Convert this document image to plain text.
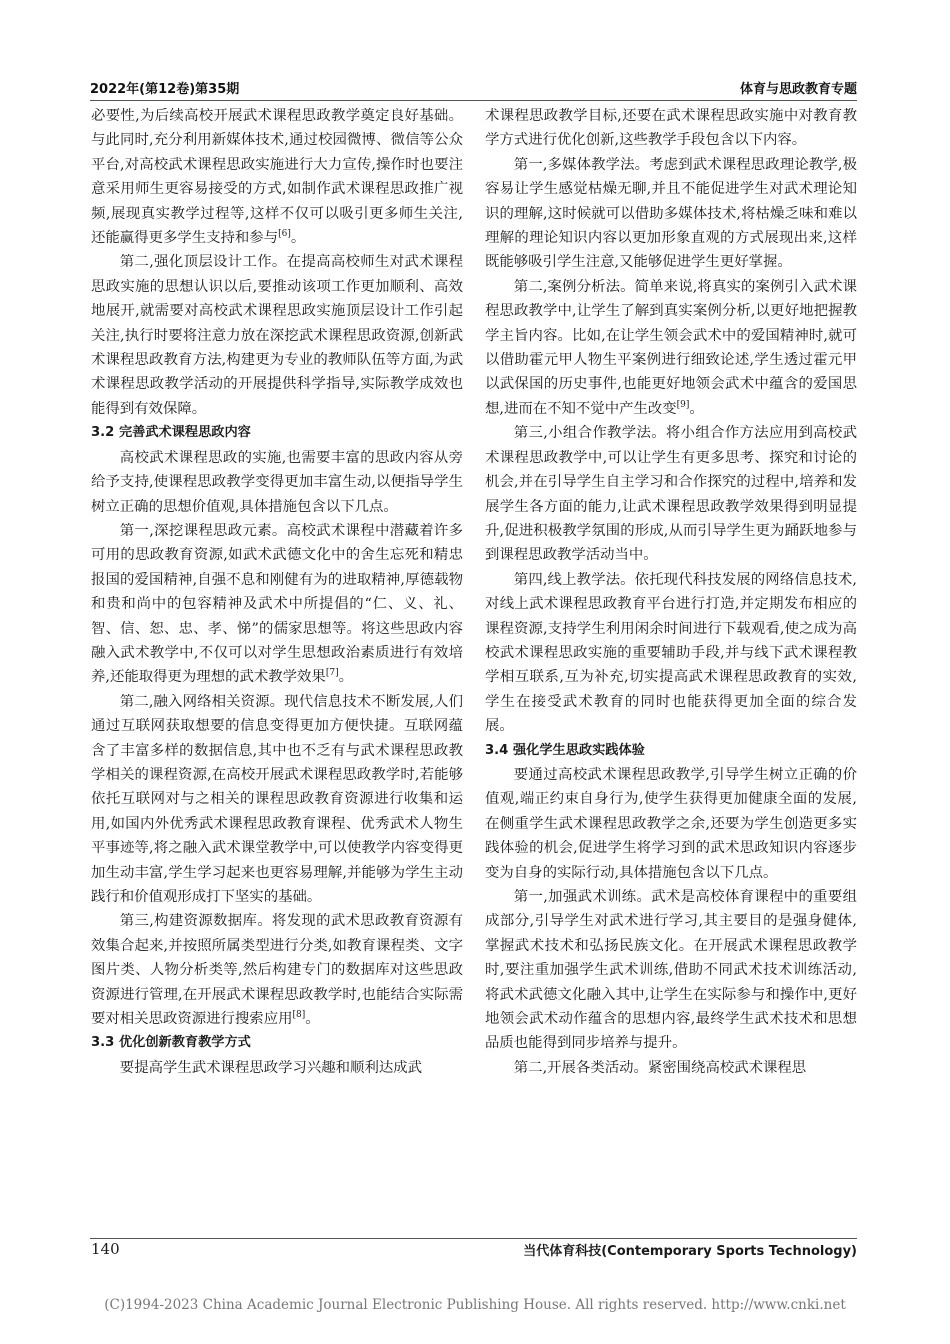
2022年(第12卷)第35期	体育与思政教育专题

必要性,为后续高校开展武术课程思政教学奠定良好基础。与此同时,充分利用新媒体技术,通过校园微博、微信等公众平台,对高校武术课程思政实施进行大力宣传,操作时也要注意采用师生更容易接受的方式,如制作武术课程思政推广视频,展现真实教学过程等,这样不仅可以吸引更多师生关注,还能赢得更多学生支持和参与[6]。

第二,强化顶层设计工作。在提高高校师生对武术课程思政实施的思想认识以后,要推动该项工作更加顺利、高效地展开,就需要对高校武术课程思政实施顶层设计工作引起关注,执行时要将注意力放在深挖武术课程思政资源,创新武术课程思政教育方法,构建更为专业的教师队伍等方面,为武术课程思政教学活动的开展提供科学指导,实际教学成效也能得到有效保障。

3.2 完善武术课程思政内容

高校武术课程思政的实施,也需要丰富的思政内容从旁给予支持,使课程思政教学变得更加丰富生动,以便指导学生树立正确的思想价值观,具体措施包含以下几点。

第一,深挖课程思政元素。高校武术课程中潜藏着许多可用的思政教育资源,如武术武德文化中的舍生忘死和精忠报国的爱国精神,自强不息和刚健有为的进取精神,厚德载物和贵和尚中的包容精神及武术中所提倡的“仁、义、礼、智、信、恕、忠、孝、悌”的儒家思想等。将这些思政内容融入武术教学中,不仅可以对学生思想政治素质进行有效培养,还能取得更为理想的武术教学效果[7]。

第二,融入网络相关资源。现代信息技术不断发展,人们通过互联网获取想要的信息变得更加方便快捷。互联网蕴含了丰富多样的数据信息,其中也不乏有与武术课程思政教学相关的课程资源,在高校开展武术课程思政教学时,若能够依托互联网对与之相关的课程思政教育资源进行收集和运用,如国内外优秀武术课程思政教育课程、优秀武术人物生平事迹等,将之融入武术课堂教学中,可以使教学内容变得更加生动丰富,学生学习起来也更容易理解,并能够为学生主动践行和价值观形成打下坚实的基础。

第三,构建资源数据库。将发现的武术思政教育资源有效集合起来,并按照所属类型进行分类,如教育课程类、文字图片类、人物分析类等,然后构建专门的数据库对这些思政资源进行管理,在开展武术课程思政教学时,也能结合实际需要对相关思政资源进行搜索应用[8]。

3.3 优化创新教育教学方式

要提高学生武术课程思政学习兴趣和顺利达成武

术课程思政教学目标,还要在武术课程思政实施中对教育教学方式进行优化创新,这些教学手段包含以下内容。

第一,多媒体教学法。考虑到武术课程思政理论教学,极容易让学生感觉枯燥无聊,并且不能促进学生对武术理论知识的理解,这时候就可以借助多媒体技术,将枯燥乏味和难以理解的理论知识内容以更加形象直观的方式展现出来,这样既能够吸引学生注意,又能够促进学生更好掌握。

第二,案例分析法。简单来说,将真实的案例引入武术课程思政教学中,让学生了解到真实案例分析,以更好地把握教学主旨内容。比如,在让学生领会武术中的爱国精神时,就可以借助霍元甲人物生平案例进行细致论述,学生透过霍元甲以武保国的历史事件,也能更好地领会武术中蕴含的爱国思想,进而在不知不觉中产生改变[9]。

第三,小组合作教学法。将小组合作方法应用到高校武术课程思政教学中,可以让学生有更多思考、探究和讨论的机会,并在引导学生自主学习和合作探究的过程中,培养和发展学生各方面的能力,让武术课程思政教学效果得到明显提升,促进积极教学氛围的形成,从而引导学生更为踊跃地参与到课程思政教学活动当中。

第四,线上教学法。依托现代科技发展的网络信息技术,对线上武术课程思政教育平台进行打造,并定期发布相应的课程资源,支持学生利用闲余时间进行下载观看,使之成为高校武术课程思政实施的重要辅助手段,并与线下武术课程教学相互联系,互为补充,切实提高武术课程思政教育的实效,学生在接受武术教育的同时也能获得更加全面的综合发展。

3.4 强化学生思政实践体验

要通过高校武术课程思政教学,引导学生树立正确的价值观,端正约束自身行为,使学生获得更加健康全面的发展,在侧重学生武术课程思政教学之余,还要为学生创造更多实践体验的机会,促进学生将学习到的武术思政知识内容逐步变为自身的实际行动,具体措施包含以下几点。

第一,加强武术训练。武术是高校体育课程中的重要组成部分,引导学生对武术进行学习,其主要目的是强身健体,掌握武术技术和弘扬民族文化。在开展武术课程思政教学时,要注重加强学生武术训练,借助不同武术技术训练活动,将武术武德文化融入其中,让学生在实际参与和操作中,更好地领会武术动作蕴含的思想内容,最终学生武术技术和思想品质也能得到同步培养与提升。

第二,开展各类活动。紧密围绕高校武术课程思

140	当代体育科技(Contemporary Sports Technology)
(C)1994-2023 China Academic Journal Electronic Publishing House. All rights reserved. http://www.cnki.net
